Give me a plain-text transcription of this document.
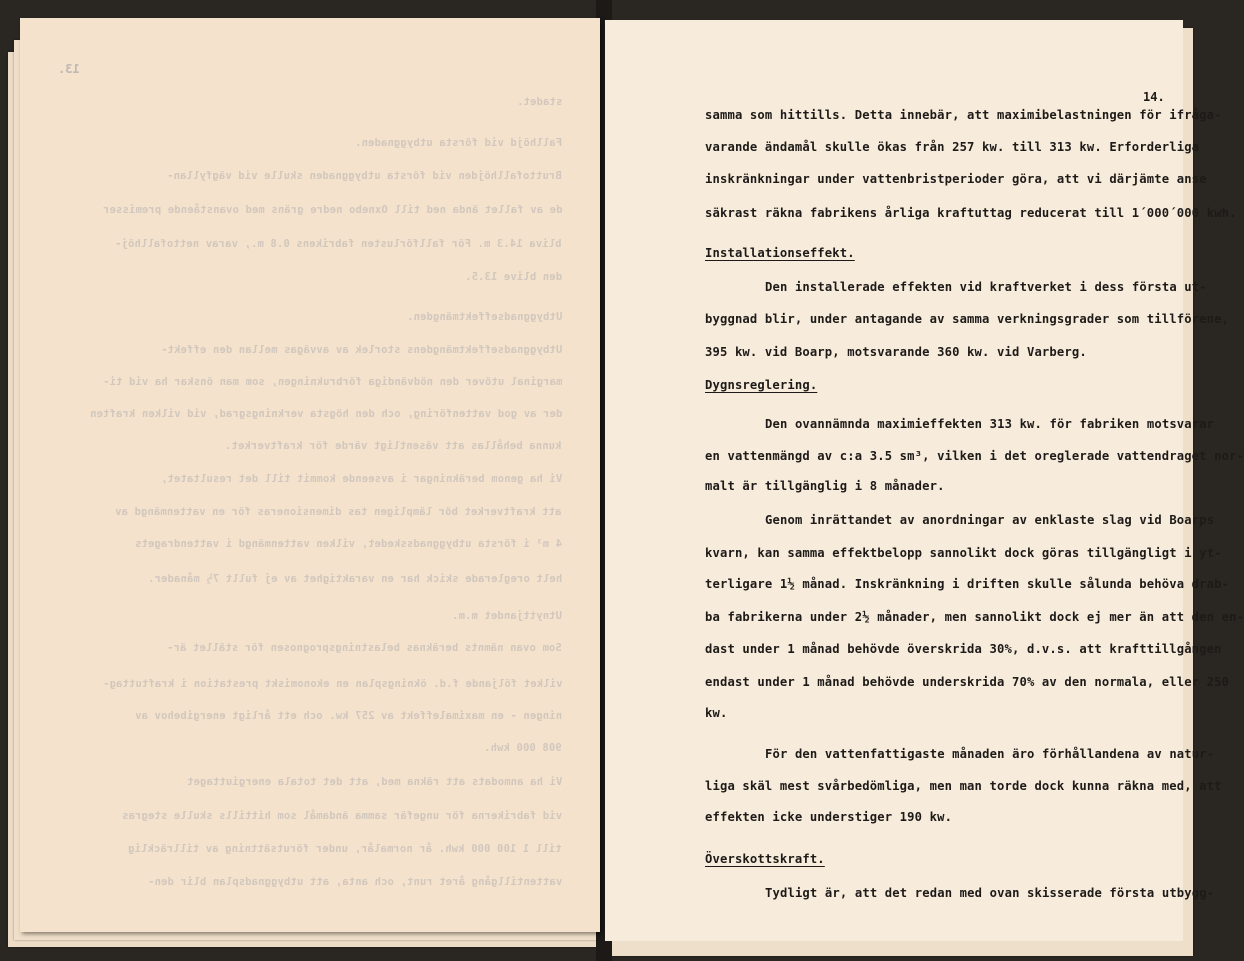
13.
stadet.
Fallhöjd vid första utbyggnaden.
Bruttofallhöjden vid första utbyggnaden skulle vid vägfyllan-
de av fallet ända ned till Oxnebo nedre gräns med ovanstående premisser
bliva 14.3 m. För fallförlusten fabrikens 0.8 m., varav nettofallhöj-
den blive 13.5.
Utbyggnadseffektmängden.
Utbyggnadseffektmängdens storlek av avvägas mellan den effekt-
marginal utöver den nödvändiga förbrukningen, som man önskar ha vid ti-
der av god vattenföring, och den högsta verkningsgrad, vid vilken kraften
kunna behållas att väsentligt värde för kraftverket.
Vi ha genom beräkningar i avseende kommit till det resultatet,
att kraftverket bör lämpligen tas dimensioneras för en vattenmängd av
4 m³ i första utbyggnadsskedet, vilken vattenmängd i vattendragets
helt oreglerade skick har en varaktighet av ej fullt 7½ månader.
Utnyttjandet m.m.
Som ovan nämnts beräknas belastningsprognosen för stället är-
vilket följande f.d. ökningsplan en ekonomiskt prestation i kraftuttag-
ningen - en maximaleffekt av 257 kw. och ett årligt energibehov av
908 000 kwh.
Vi ha anmodats att räkna med, att det totala energiuttaget
vid fabrikerna för ungefär samma ändamål som hittills skulle stegras
till 1 100 000 kwh. år normalår, under förutsättning av tillräcklig
vattentillgång året runt, och anta, att utbyggnadsplan blir den-
14.
samma som hittills. Detta innebär, att maximibelastningen för ifråga-
varande ändamål skulle ökas från 257 kw. till 313 kw. Erforderliga
inskränkningar under vattenbristperioder göra, att vi därjämte anse
säkrast räkna fabrikens årliga kraftuttag reducerat till 1´000´000 kwh.
Installationseffekt.
Den installerade effekten vid kraftverket i dess första ut-
byggnad blir, under antagande av samma verkningsgrader som tillförene,
395 kw. vid Boarp, motsvarande 360 kw. vid Varberg.
Dygnsreglering.
Den ovannämnda maximieffekten 313 kw. för fabriken motsvarar
en vattenmängd av c:a 3.5 sm³, vilken i det oreglerade vattendraget nor-
malt är tillgänglig i 8 månader.
Genom inrättandet av anordningar av enklaste slag vid Boarps
kvarn, kan samma effektbelopp sannolikt dock göras tillgängligt i yt-
terligare 1½ månad. Inskränkning i driften skulle sålunda behöva drab-
ba fabrikerna under 2½ månader, men sannolikt dock ej mer än att den en-
dast under 1 månad behövde överskrida 30%, d.v.s. att krafttillgången
endast under 1 månad behövde underskrida 70% av den normala, eller 250
kw.
För den vattenfattigaste månaden äro förhållandena av natur-
liga skäl mest svårbedömliga, men man torde dock kunna räkna med, att
effekten icke understiger 190 kw.
Överskottskraft.
Tydligt är, att det redan med ovan skisserade första utbygg-
